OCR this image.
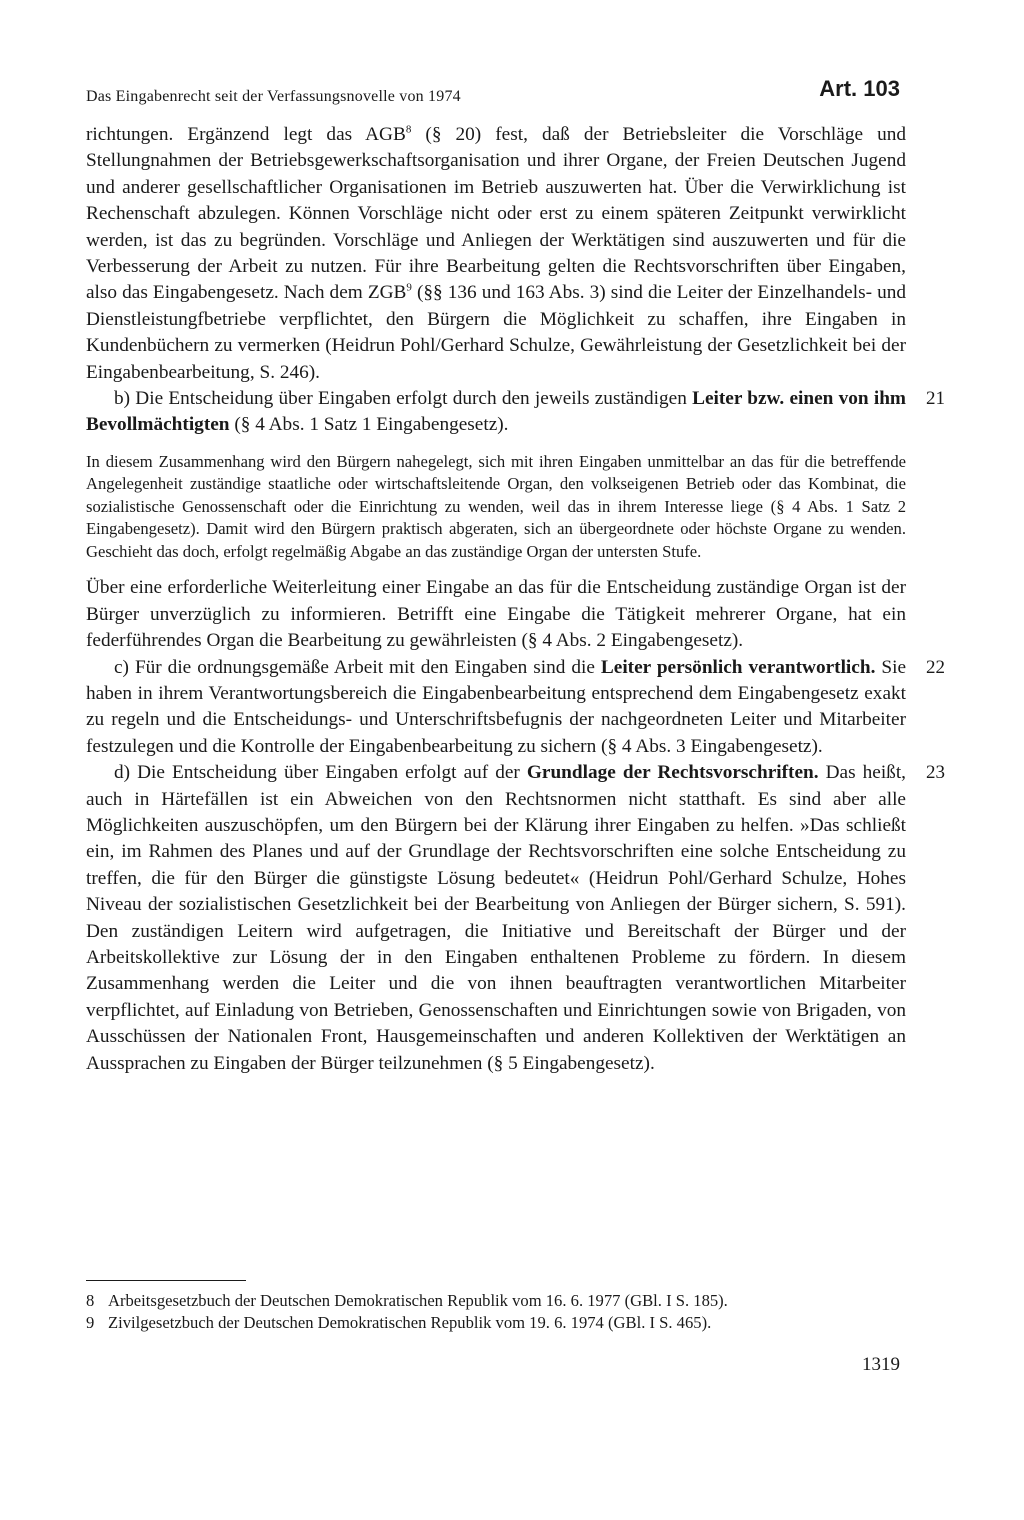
Das Eingabenrecht seit der Verfassungsnovelle von 1974	Art. 103

richtungen. Ergänzend legt das AGB$^8$ (§ 20) fest, daß der Betriebsleiter die Vorschläge und Stellungnahmen der Betriebsgewerkschaftsorganisation und ihrer Organe, der Freien Deutschen Jugend und anderer gesellschaftlicher Organisationen im Betrieb auszuwerten hat. Über die Verwirklichung ist Rechenschaft abzulegen. Können Vorschläge nicht oder erst zu einem späteren Zeitpunkt verwirklicht werden, ist das zu begründen. Vorschläge und Anliegen der Werktätigen sind auszuwerten und für die Verbesserung der Arbeit zu nutzen. Für ihre Bearbeitung gelten die Rechtsvorschriften über Eingaben, also das Eingabengesetz. Nach dem ZGB$^9$ (§§ 136 und 163 Abs. 3) sind die Leiter der Einzelhandels- und Dienstleistungfbetriebe verpflichtet, den Bürgern die Möglichkeit zu schaffen, ihre Eingaben in Kundenbüchern zu vermerken (Heidrun Pohl/Gerhard Schulze, Gewährleistung der Gesetzlichkeit bei der Eingabenbearbeitung, S. 246).

21
b) Die Entscheidung über Eingaben erfolgt durch den jeweils zuständigen Leiter bzw. einen von ihm Bevollmächtigten (§ 4 Abs. 1 Satz 1 Eingabengesetz).

In diesem Zusammenhang wird den Bürgern nahegelegt, sich mit ihren Eingaben unmittelbar an das für die betreffende Angelegenheit zuständige staatliche oder wirtschaftsleitende Organ, den volkseigenen Betrieb oder das Kombinat, die sozialistische Genossenschaft oder die Einrichtung zu wenden, weil das in ihrem Interesse liege (§ 4 Abs. 1 Satz 2 Eingabengesetz). Damit wird den Bürgern praktisch abgeraten, sich an übergeordnete oder höchste Organe zu wenden. Geschieht das doch, erfolgt regelmäßig Abgabe an das zuständige Organ der untersten Stufe.

Über eine erforderliche Weiterleitung einer Eingabe an das für die Entscheidung zuständige Organ ist der Bürger unverzüglich zu informieren. Betrifft eine Eingabe die Tätigkeit mehrerer Organe, hat ein federführendes Organ die Bearbeitung zu gewährleisten (§ 4 Abs. 2 Eingabengesetz).

22
c) Für die ordnungsgemäße Arbeit mit den Eingaben sind die Leiter persönlich verantwortlich. Sie haben in ihrem Verantwortungsbereich die Eingabenbearbeitung entsprechend dem Eingabengesetz exakt zu regeln und die Entscheidungs- und Unterschriftsbefugnis der nachgeordneten Leiter und Mitarbeiter festzulegen und die Kontrolle der Eingabenbearbeitung zu sichern (§ 4 Abs. 3 Eingabengesetz).

23
d) Die Entscheidung über Eingaben erfolgt auf der Grundlage der Rechtsvorschriften. Das heißt, auch in Härtefällen ist ein Abweichen von den Rechtsnormen nicht statthaft. Es sind aber alle Möglichkeiten auszuschöpfen, um den Bürgern bei der Klärung ihrer Eingaben zu helfen. »Das schließt ein, im Rahmen des Planes und auf der Grundlage der Rechtsvorschriften eine solche Entscheidung zu treffen, die für den Bürger die günstigste Lösung bedeutet« (Heidrun Pohl/Gerhard Schulze, Hohes Niveau der sozialistischen Gesetzlichkeit bei der Bearbeitung von Anliegen der Bürger sichern, S. 591). Den zuständigen Leitern wird aufgetragen, die Initiative und Bereitschaft der Bürger und der Arbeitskollektive zur Lösung der in den Eingaben enthaltenen Probleme zu fördern. In diesem Zusammenhang werden die Leiter und die von ihnen beauftragten verantwortlichen Mitarbeiter verpflichtet, auf Einladung von Betrieben, Genossenschaften und Einrichtungen sowie von Brigaden, von Ausschüssen der Nationalen Front, Hausgemeinschaften und anderen Kollektiven der Werktätigen an Aussprachen zu Eingaben der Bürger teilzunehmen (§ 5 Eingabengesetz).

8 Arbeitsgesetzbuch der Deutschen Demokratischen Republik vom 16. 6. 1977 (GBl. I S. 185).

9 Zivilgesetzbuch der Deutschen Demokratischen Republik vom 19. 6. 1974 (GBl. I S. 465).

1319
